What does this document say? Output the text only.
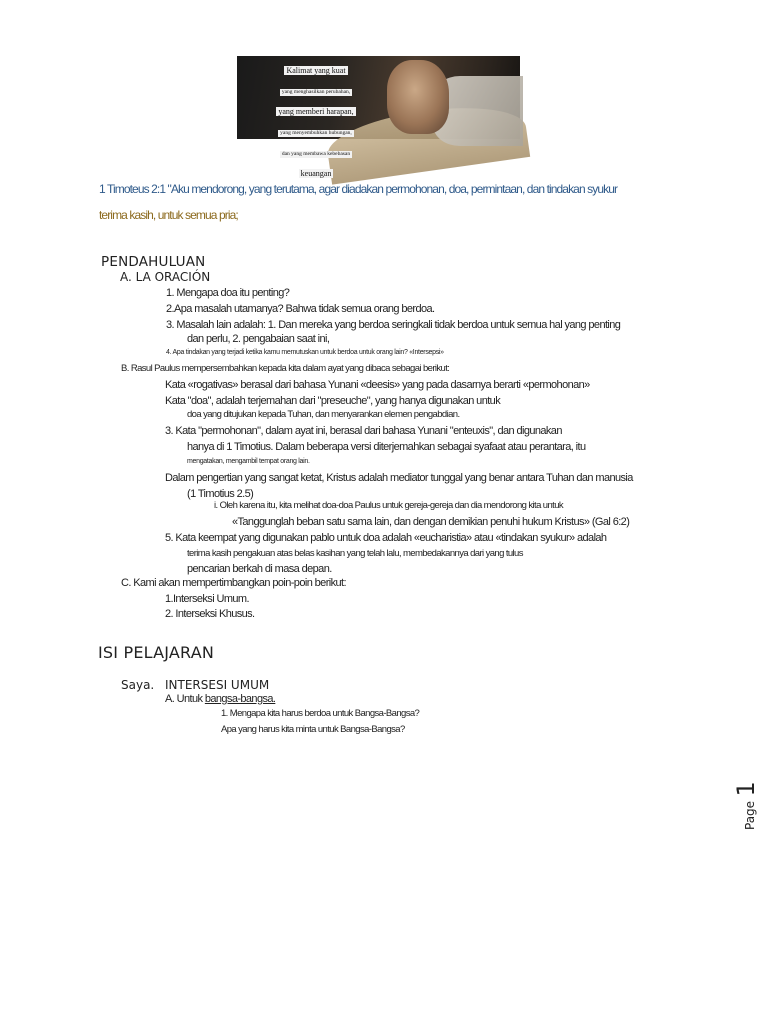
Kalimat yang kuat
yang menghasilkan perubahan,
yang memberi harapan,
yang menyembuhkan hubungan,
dan yang membawa kebebasan
keuangan
1 Timoteus 2:1 "Aku mendorong, yang terutama, agar diadakan permohonan, doa, permintaan, dan tindakan syukur
terima kasih, untuk semua pria;
PENDAHULUAN
A. LA ORACIÓN
1. Mengapa doa itu penting?
2.Apa masalah utamanya? Bahwa tidak semua orang berdoa.
3. Masalah lain adalah: 1. Dan mereka yang berdoa seringkali tidak berdoa untuk semua hal yang penting
dan perlu, 2. pengabaian saat ini,
4. Apa tindakan yang terjadi ketika kamu memutuskan untuk berdoa untuk orang lain? «Intersepsi»
B. Rasul Paulus mempersembahkan kepada kita dalam ayat yang dibaca sebagai berikut:
Kata «rogativas» berasal dari bahasa Yunani «deesis» yang pada dasarnya berarti «permohonan»
Kata "doa", adalah terjemahan dari "preseuche", yang hanya digunakan untuk
doa yang ditujukan kepada Tuhan, dan menyarankan elemen pengabdian.
3. Kata "permohonan", dalam ayat ini, berasal dari bahasa Yunani "enteuxis", dan digunakan
hanya di 1 Timotius. Dalam beberapa versi diterjemahkan sebagai syafaat atau perantara, itu
mengatakan, mengambil tempat orang lain.
Dalam pengertian yang sangat ketat, Kristus adalah mediator tunggal yang benar antara Tuhan dan manusia
(1 Timotius 2.5)
i. Oleh karena itu, kita melihat doa-doa Paulus untuk gereja-gereja dan dia mendorong kita untuk
«Tanggunglah beban satu sama lain, dan dengan demikian penuhi hukum Kristus» (Gal 6:2)
5. Kata keempat yang digunakan pablo untuk doa adalah «eucharistia» atau «tindakan syukur» adalah
terima kasih pengakuan atas belas kasihan yang telah lalu, membedakannya dari yang tulus
pencarian berkah di masa depan.
C. Kami akan mempertimbangkan poin-poin berikut:
1.Interseksi Umum.
2. Interseksi Khusus.
ISI PELAJARAN
Saya. INTERSESI UMUM
A. Untuk bangsa-bangsa.
1. Mengapa kita harus berdoa untuk Bangsa-Bangsa?
Apa yang harus kita minta untuk Bangsa-Bangsa?
Page 1
